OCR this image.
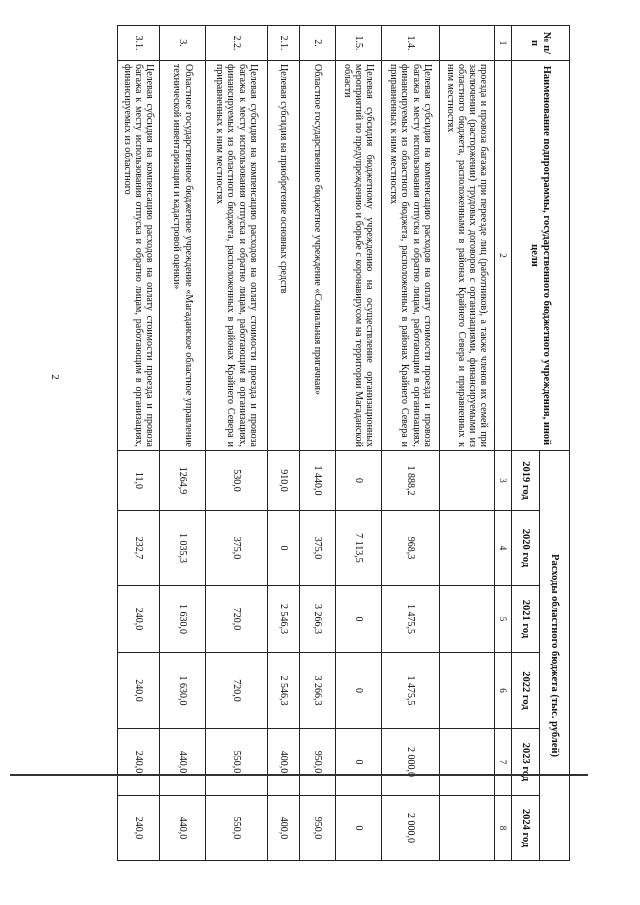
2
№ п/п	Наименование подпрограммы, государственного бюджетного учреждения, иной цели	Расходы областного бюджета (тыс. рублей)					
		2019 год	2020 год	2021 год	2022 год	2023 год	2024 год
1	2	3	4	5	6	7	8
	проезда и провоза багажа при переезде лиц (работников), а также членов их семей при заключении (расторжении) трудовых договоров с организациями, финансируемыми из областного бюджета, расположенными в районах Крайнего Севера и приравненных к ним местностях						
1.4.	Целевая субсидия на компенсацию расходов на оплату стоимости проезда и провоза багажа к месту использования отпуска и обратно лицам, работающим в организациях, финансируемых из областного бюджета, расположенных в районах Крайнего Севера и приравненных к ним местностях	1 888,2	968,3	1 475,5	1 475,5	2 000,0	2 000,0
1.5.	Целевая субсидия бюджетному учреждению на осуществление организационных мероприятий по предупреждению и борьбе с коронавирусом на территории Магаданской области	0	7 113,5	0	0	0	0
2.	Областное государственное бюджетное учреждение «Социальная пригачная»	1 440,0	375,0	3 266,3	3 266,3	950,0	950,0
2.1.	Целевая субсидия на приобретение основных средств	910,0	0	2 546,3	2 546,3	400,0	400,0
2.2.	Целевая субсидия на компенсацию расходов на оплату стоимости проезда и провоза багажа к месту использования отпуска и обратно лицам, работающим в организациях, финансируемых из областного бюджета, расположенных в районах Крайнего Севера и приравненных к ним местностях	530,0	375,0	720,0	720,0	550,0	550,0
3.	Областное государственное бюджетное учреждение «Магаданское областное управление технической инвентаризации и кадастровой оценки»	1264,9	1 035,3	1 630,0	1 630,0	440,0	440,0
3.1.	Целевая субсидия на компенсацию расходов на оплату стоимости проезда и провоза багажа к месту использования отпуска и обратно лицам, работающим в организациях, финансируемых из областного	11,0	232,7	240,0	240,0	240,0	240,0
